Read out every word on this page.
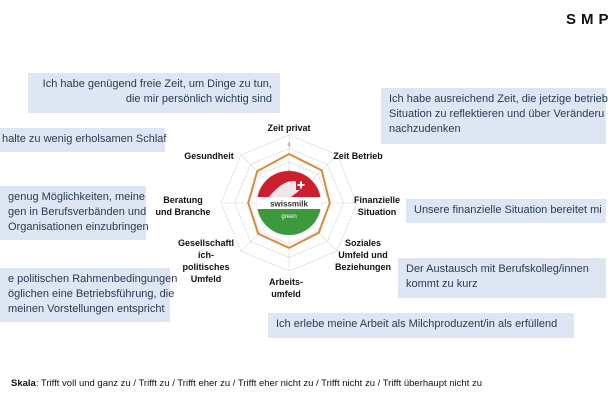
SMP
Ich habe genügend freie Zeit, um Dinge zu tun,
die mir persönlich wichtig sind	Ich habe ausreichend Zeit, die jetzige betrieb
Situation zu reflektieren und über Veränderu
nachzudenken
halte zu wenig erholsamen Schlaf
genug Möglichkeiten, meine
gen in Berufsverbänden und
Organisationen einzubringen
Unsere finanzielle Situation bereitet mi
Der Austausch mit Berufskolleg/innen
kommt zu kurz
e politischen Rahmenbedingungen
öglichen eine Betriebsführung, die
meinen Vorstellungen entspricht
Ich erlebe meine Arbeit als Milchproduzent/in als erfüllend
4
swissmilk
green
Zeit privat
Zeit Betrieb
Finanzielle
Situation
Soziales
Umfeld und
Beziehungen
Arbeits-
umfeld
Gesellschaftl
ich-
politisches
Umfeld
Beratung
und Branche
Gesundheit
Skala: Trifft voll und ganz zu / Trifft zu / Trifft eher zu / Trifft eher nicht zu / Trifft nicht zu / Trifft überhaupt nicht zu
